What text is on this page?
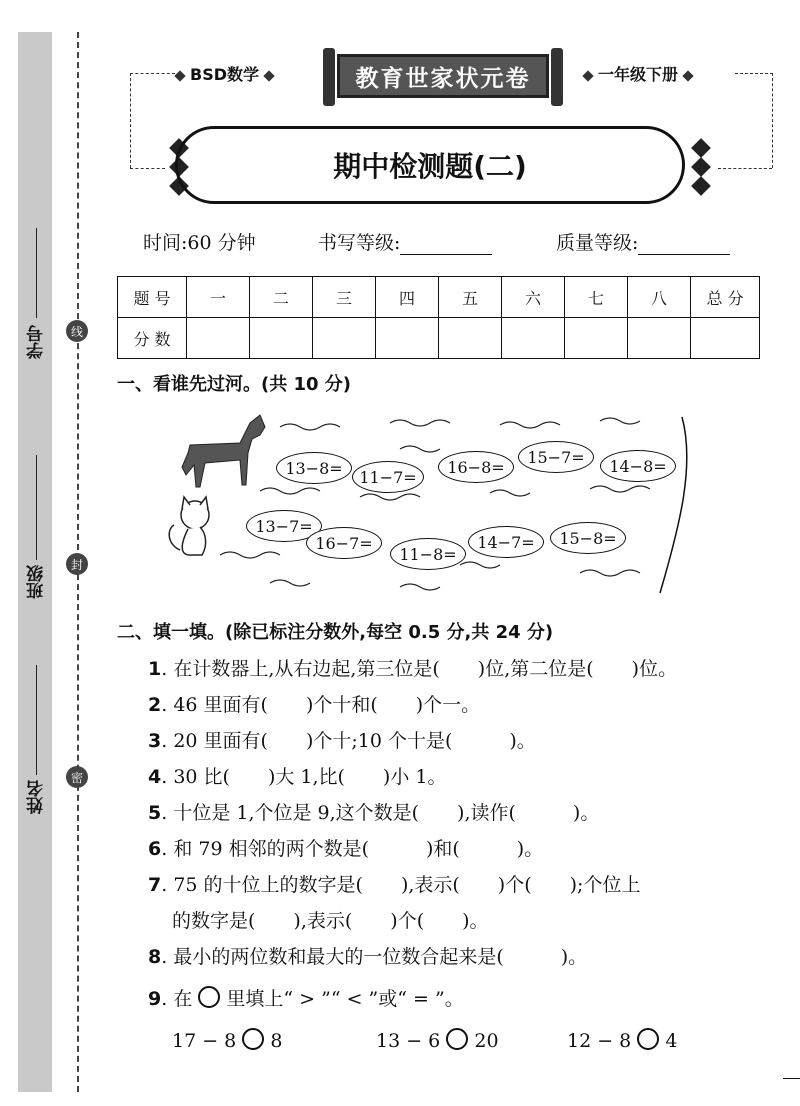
学号
班级
姓名
线
封
密
BSD数学	教育世家状元卷	一年级下册
期中检测题(二)
时间:60 分钟	书写等级:	质量等级:
题 号	一	二	三	四	五	六	七	八	总 分
分 数									
一、看谁先过河。(共 10 分)
13−8=	11−7=
16−8=
15−7=	14−8=
13−7=
16−7=
11−8=
14−7=	15−8=
二、填一填。(除已标注分数外,每空 0.5 分,共 24 分)
1. 在计数器上,从右边起,第三位是(　　)位,第二位是(　　)位。
2. 46 里面有(　　)个十和(　　)个一。
3. 20 里面有(　　)个十;10 个十是(　　　)。
4. 30 比(　　)大 1,比(　　)小 1。
5. 十位是 1,个位是 9,这个数是(　　),读作(　　　)。
6. 和 79 相邻的两个数是(　　　)和(　　　)。
7. 75 的十位上的数字是(　　),表示(　　)个(　　);个位上
的数字是(　　),表示(　　)个(　　)。
8. 最小的两位数和最大的一位数合起来是(　　　)。
9. 在 里填上“ > ”“ < ”或“ = ”。
17 − 8 8	13 − 6 20	12 − 8 4
